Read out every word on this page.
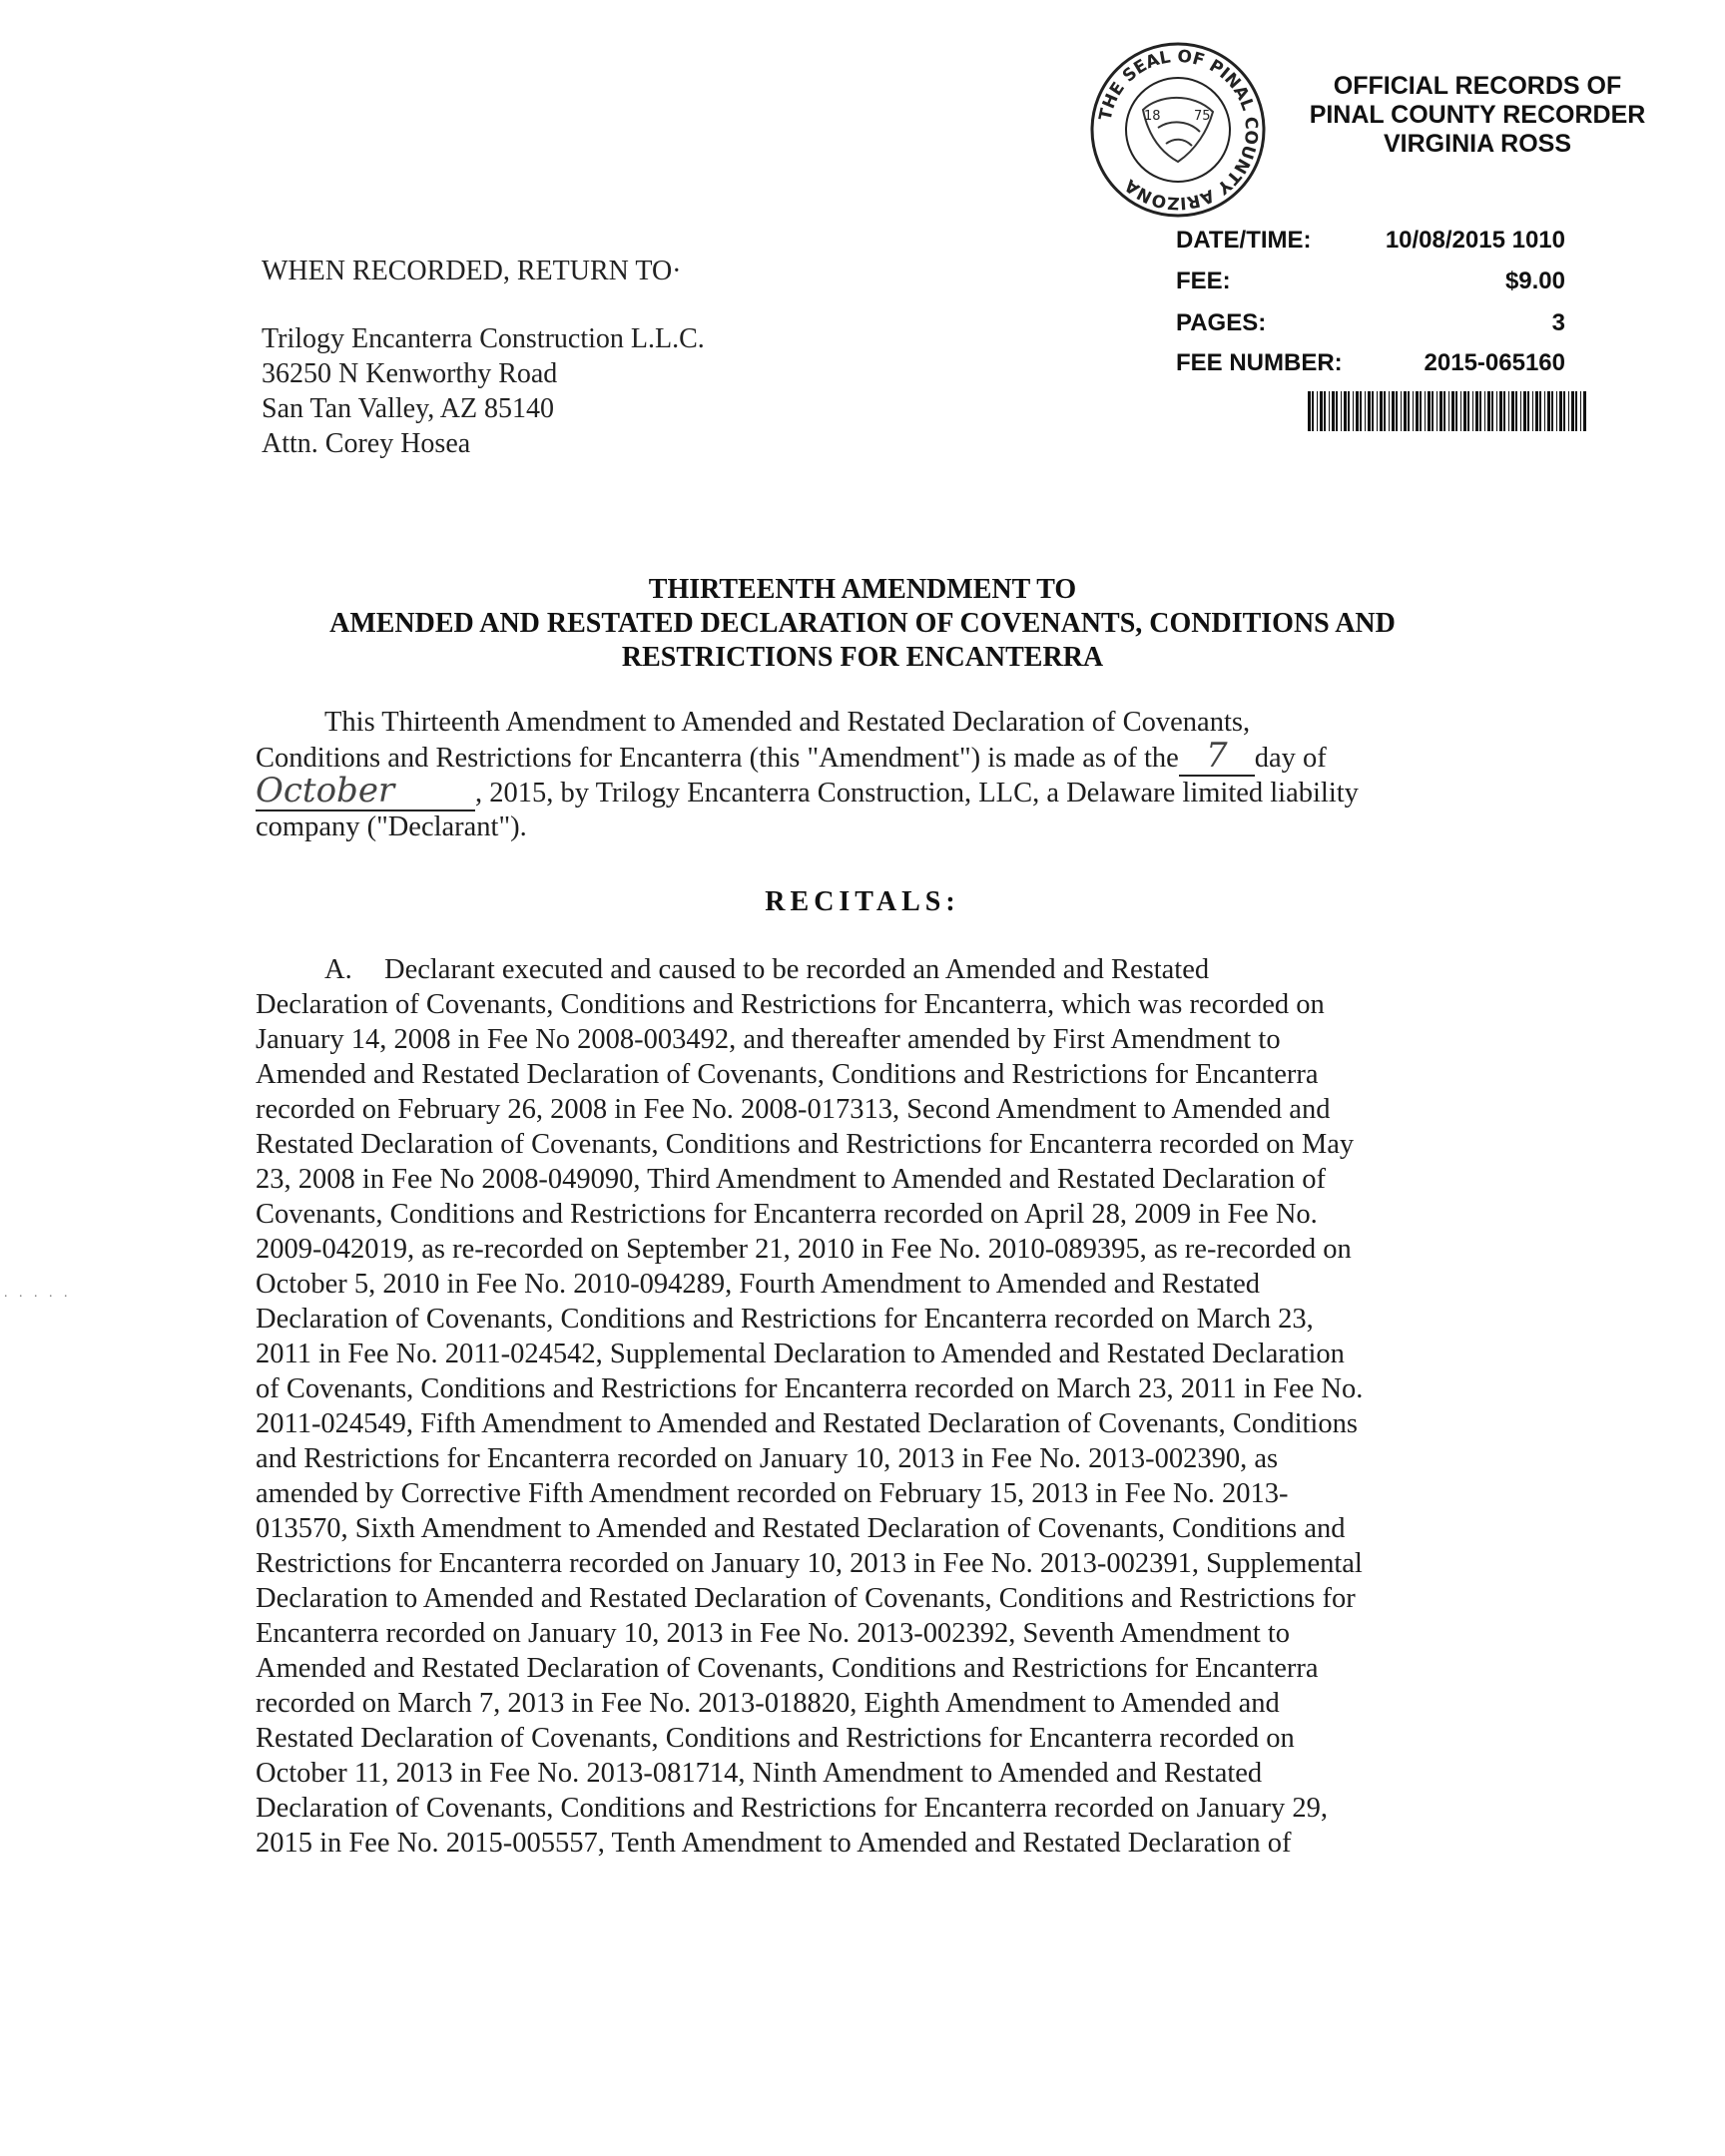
THE SEAL OF PINAL COUNTY ARIZONA
18	75
OFFICIAL RECORDS OF
PINAL COUNTY RECORDER
VIRGINIA ROSS
DATE/TIME:	10/08/2015 1010
FEE:	$9.00
PAGES:	3
FEE NUMBER:	2015-065160
WHEN RECORDED, RETURN TO·
Trilogy Encanterra Construction L.L.C.
36250 N Kenworthy Road
San Tan Valley, AZ 85140
Attn. Corey Hosea
THIRTEENTH AMENDMENT TO
AMENDED AND RESTATED DECLARATION OF COVENANTS, CONDITIONS AND
RESTRICTIONS FOR ENCANTERRA
This Thirteenth Amendment to Amended and Restated Declaration of Covenants,
Conditions and Restrictions for Encanterra (this "Amendment") is made as of the 7 day of
October	, 2015, by Trilogy Encanterra Construction, LLC, a Delaware limited liability
company ("Declarant").
RECITALS:
A. Declarant executed and caused to be recorded an Amended and Restated
Declaration of Covenants, Conditions and Restrictions for Encanterra, which was recorded on
January 14, 2008 in Fee No 2008-003492, and thereafter amended by First Amendment to
Amended and Restated Declaration of Covenants, Conditions and Restrictions for Encanterra
recorded on February 26, 2008 in Fee No. 2008-017313, Second Amendment to Amended and
Restated Declaration of Covenants, Conditions and Restrictions for Encanterra recorded on May
23, 2008 in Fee No 2008-049090, Third Amendment to Amended and Restated Declaration of
Covenants, Conditions and Restrictions for Encanterra recorded on April 28, 2009 in Fee No.
2009-042019, as re-recorded on September 21, 2010 in Fee No. 2010-089395, as re-recorded on
October 5, 2010 in Fee No. 2010-094289, Fourth Amendment to Amended and Restated
Declaration of Covenants, Conditions and Restrictions for Encanterra recorded on March 23,
2011 in Fee No. 2011-024542, Supplemental Declaration to Amended and Restated Declaration
of Covenants, Conditions and Restrictions for Encanterra recorded on March 23, 2011 in Fee No.
2011-024549, Fifth Amendment to Amended and Restated Declaration of Covenants, Conditions
and Restrictions for Encanterra recorded on January 10, 2013 in Fee No. 2013-002390, as
amended by Corrective Fifth Amendment recorded on February 15, 2013 in Fee No. 2013-
013570, Sixth Amendment to Amended and Restated Declaration of Covenants, Conditions and
Restrictions for Encanterra recorded on January 10, 2013 in Fee No. 2013-002391, Supplemental
Declaration to Amended and Restated Declaration of Covenants, Conditions and Restrictions for
Encanterra recorded on January 10, 2013 in Fee No. 2013-002392, Seventh Amendment to
Amended and Restated Declaration of Covenants, Conditions and Restrictions for Encanterra
recorded on March 7, 2013 in Fee No. 2013-018820, Eighth Amendment to Amended and
Restated Declaration of Covenants, Conditions and Restrictions for Encanterra recorded on
October 11, 2013 in Fee No. 2013-081714, Ninth Amendment to Amended and Restated
Declaration of Covenants, Conditions and Restrictions for Encanterra recorded on January 29,
2015 in Fee No. 2015-005557, Tenth Amendment to Amended and Restated Declaration of
. . . . .
